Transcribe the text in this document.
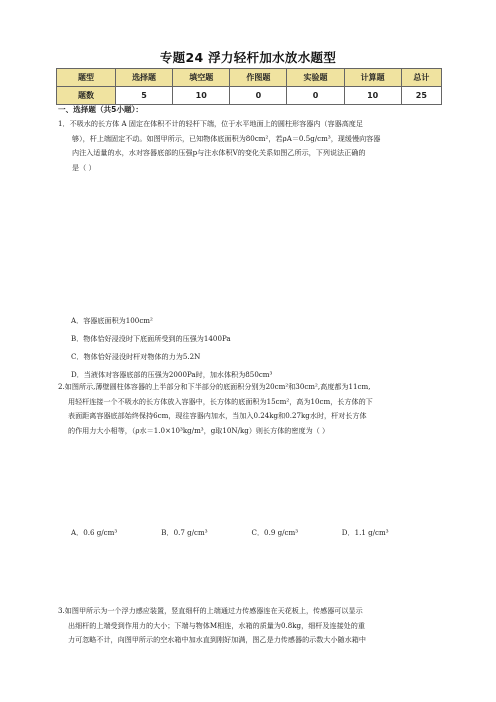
专题24 浮力轻杆加水放水题型
题型	选择题	填空题	作图题	实验题	计算题	总计
题数	5	10	0	0	10	25
一、选择题（共5小题）：
1．不吸水的长方体 A 固定在体积不计的轻杆下端，位于水平地面上的圆柱形容器内（容器高度足
够），杆上端固定不动。如图甲所示，已知物体底面积为80cm²，若ρA＝0.5g/cm³，现缓慢向容器
内注入适量的水，水对容器底部的压强p与注水体积V的变化关系如图乙所示，下列说法正确的
是（ ）
A．容器底面积为100cm²
B．物体恰好浸没时下底面所受到的压强为1400Pa
C．物体恰好浸没时杆对物体的力为5.2N
D．当液体对容器底部的压强为2000Pa时，加水体积为850cm³
2.如图所示,薄壁圆柱体容器的上半部分和下半部分的底面积分别为20cm²和30cm²,高度都为11cm,
用轻杆连接一个不吸水的长方体放入容器中，长方体的底面积为15cm²，高为10cm，长方体的下
表面距离容器底部始终保持6cm，现往容器内加水，当加入0.24kg和0.27kg水时，杆对长方体
的作用力大小相等，（ρ水＝1.0×10³kg/m³，g取10N/kg）则长方体的密度为（ ）
A．0.6 g/cm³	B．0.7 g/cm³	C．0.9 g/cm³	D．1.1 g/cm³
3.如图甲所示为一个浮力感应装置，竖直细杆的上端通过力传感器连在天花板上，传感器可以显示
出细杆的上端受到作用力的大小；下端与物体M相连，水箱的质量为0.8kg，细杆及连接处的重
力可忽略不计，向图甲所示的空水箱中加水直到刚好加满，图乙是力传感器的示数大小随水箱中
